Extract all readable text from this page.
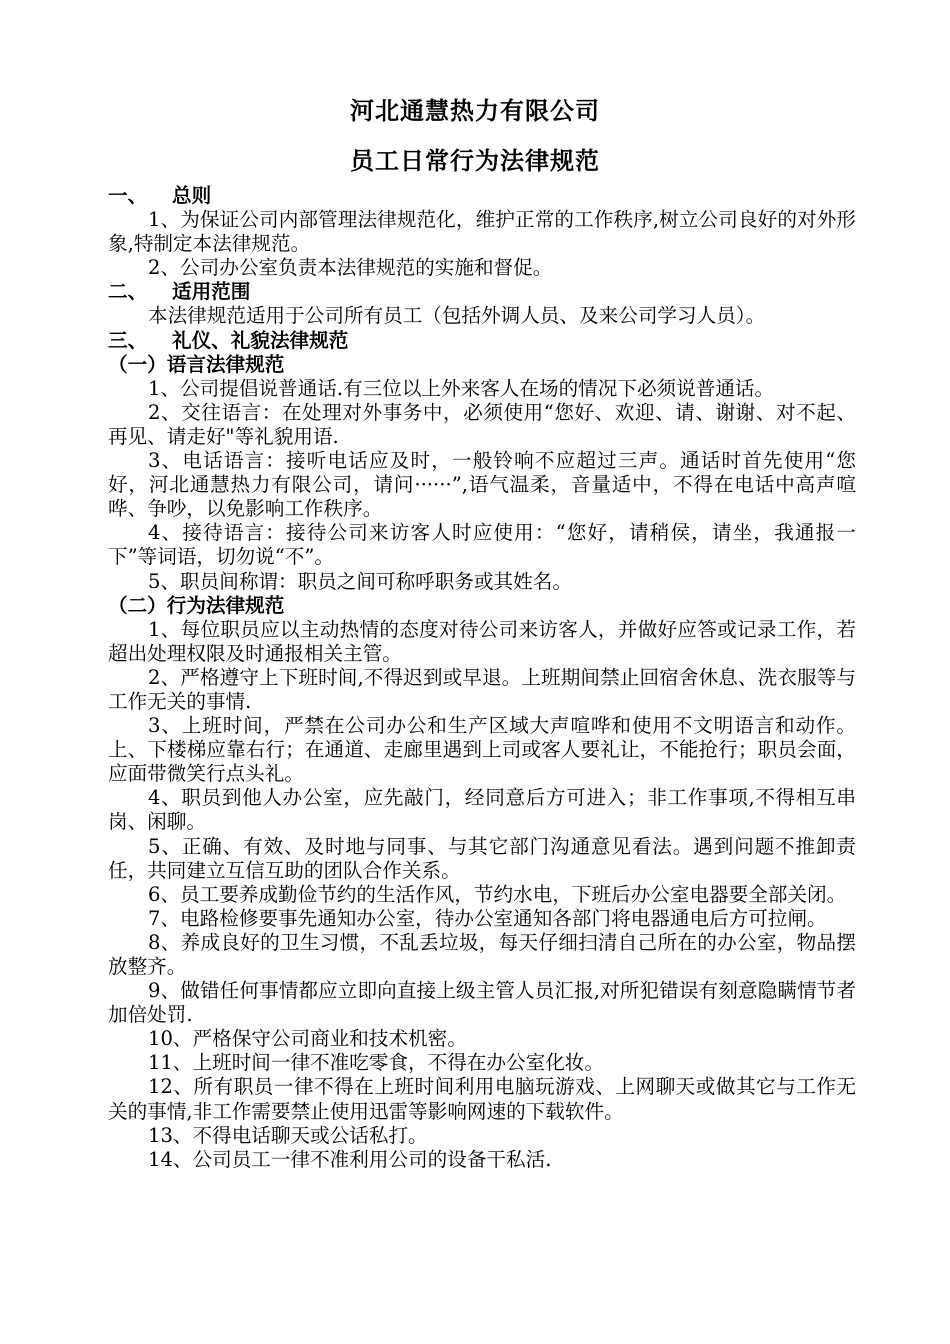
河北通慧热力有限公司
员工日常行为法律规范

一、 总则

1、为保证公司内部管理法律规范化，维护正常的工作秩序,树立公司良好的对外形象,特制定本法律规范。

2、公司办公室负责本法律规范的实施和督促。

二、 适用范围

本法律规范适用于公司所有员工（包括外调人员、及来公司学习人员）。

三、 礼仪、礼貌法律规范

（一）语言法律规范

1、公司提倡说普通话.有三位以上外来客人在场的情况下必须说普通话。

2、交往语言：在处理对外事务中，必须使用“您好、欢迎、请、谢谢、对不起、再见、请走好"等礼貌用语.

3、电话语言：接听电话应及时，一般铃响不应超过三声。通话时首先使用“您好，河北通慧热力有限公司，请问······”,语气温柔，音量适中，不得在电话中高声喧哗、争吵，以免影响工作秩序。

4、接待语言：接待公司来访客人时应使用：“您好，请稍侯，请坐，我通报一下”等词语，切勿说“不”。

5、职员间称谓：职员之间可称呼职务或其姓名。

（二）行为法律规范

1、每位职员应以主动热情的态度对待公司来访客人，并做好应答或记录工作，若超出处理权限及时通报相关主管。

2、严格遵守上下班时间,不得迟到或早退。上班期间禁止回宿舍休息、洗衣服等与工作无关的事情.

3、上班时间，严禁在公司办公和生产区域大声喧哗和使用不文明语言和动作。上、下楼梯应靠右行；在通道、走廊里遇到上司或客人要礼让，不能抢行；职员会面，应面带微笑行点头礼。

4、职员到他人办公室，应先敲门，经同意后方可进入；非工作事项,不得相互串岗、闲聊。

5、正确、有效、及时地与同事、与其它部门沟通意见看法。遇到问题不推卸责任，共同建立互信互助的团队合作关系。

6、员工要养成勤俭节约的生活作风，节约水电，下班后办公室电器要全部关闭。

7、电路检修要事先通知办公室，待办公室通知各部门将电器通电后方可拉闸。

8、养成良好的卫生习惯，不乱丢垃圾，每天仔细扫清自己所在的办公室，物品摆放整齐。

9、做错任何事情都应立即向直接上级主管人员汇报,对所犯错误有刻意隐瞒情节者加倍处罚.

10、严格保守公司商业和技术机密。

11、上班时间一律不准吃零食，不得在办公室化妆。

12、所有职员一律不得在上班时间利用电脑玩游戏、上网聊天或做其它与工作无关的事情,非工作需要禁止使用迅雷等影响网速的下载软件。

13、不得电话聊天或公话私打。

14、公司员工一律不准利用公司的设备干私活.
